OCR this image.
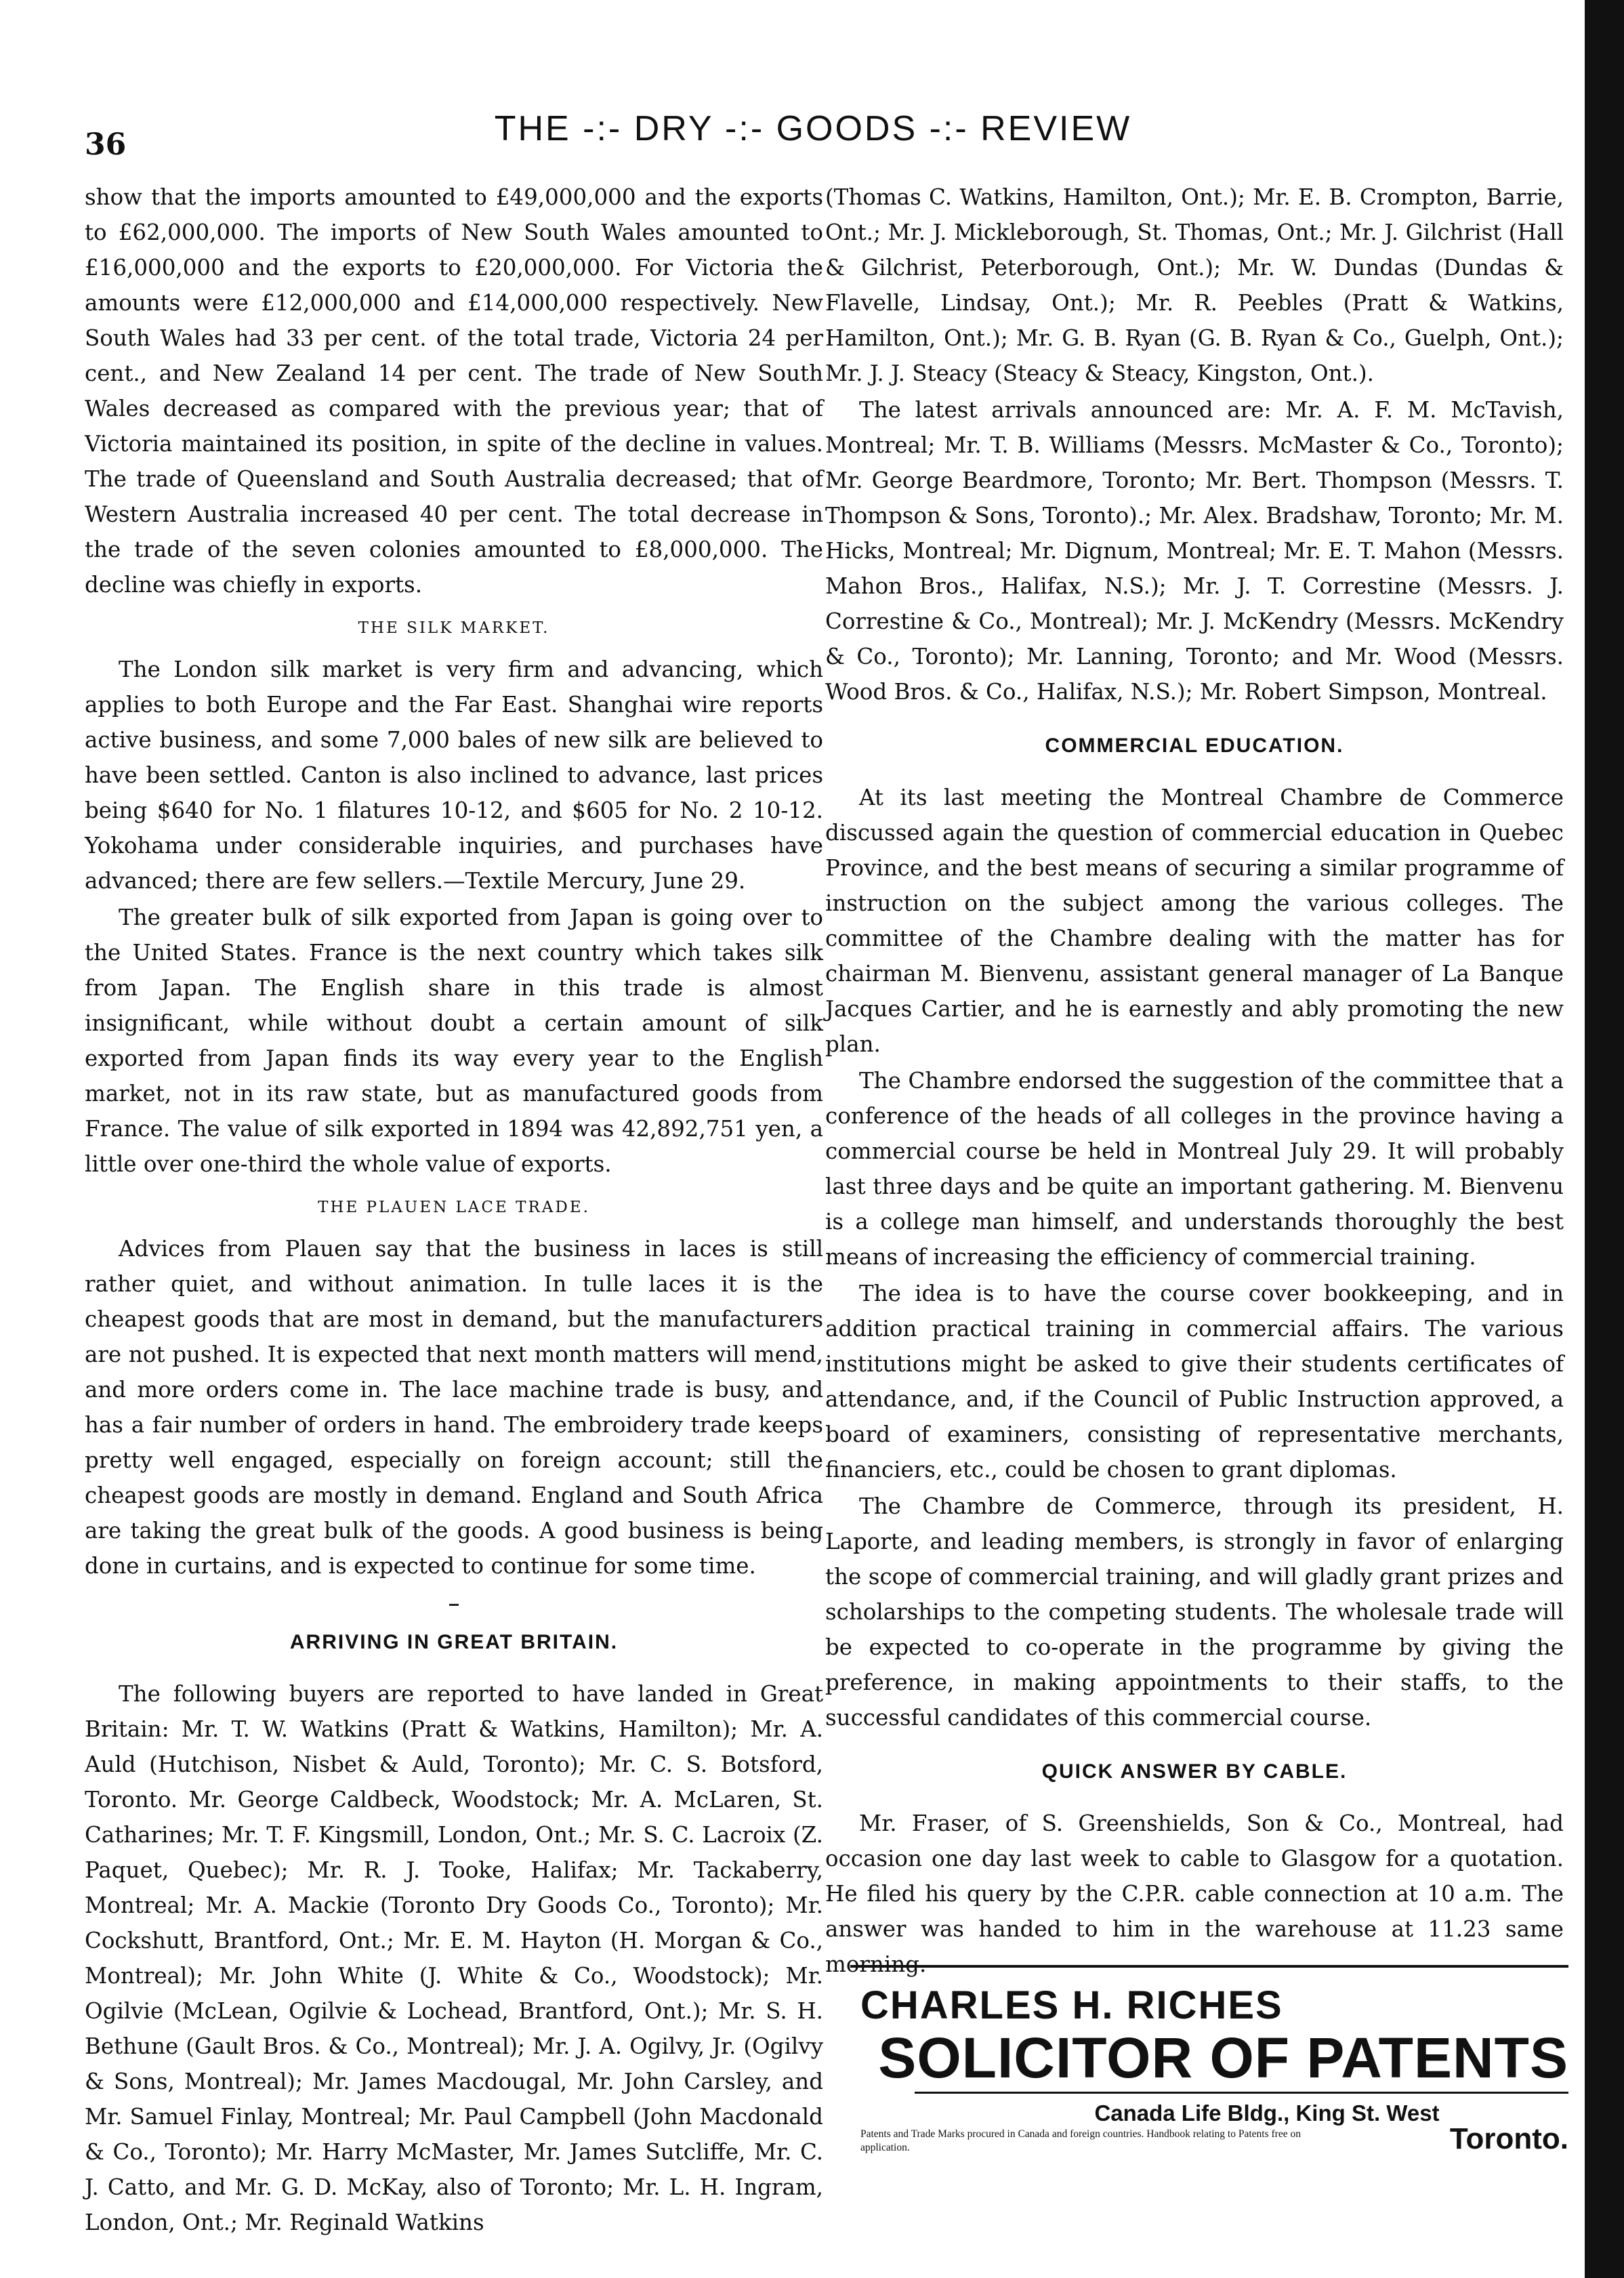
36	THE -:- DRY -:- GOODS -:- REVIEW

show that the imports amounted to £49,000,000 and the exports to £62,000,000. The imports of New South Wales amounted to £16,000,000 and the exports to £20,000,000. For Victoria the amounts were £12,000,000 and £14,000,000 respectively. New South Wales had 33 per cent. of the total trade, Victoria 24 per cent., and New Zealand 14 per cent. The trade of New South Wales decreased as compared with the previous year; that of Victoria maintained its position, in spite of the decline in values. The trade of Queensland and South Australia decreased; that of Western Australia increased 40 per cent. The total decrease in the trade of the seven colonies amounted to £8,000,000. The decline was chiefly in exports.

THE SILK MARKET.

The London silk market is very firm and advancing, which applies to both Europe and the Far East. Shanghai wire reports active business, and some 7,000 bales of new silk are believed to have been settled. Canton is also inclined to advance, last prices being $640 for No. 1 filatures 10-12, and $605 for No. 2 10-12. Yokohama under considerable inquiries, and purchases have advanced; there are few sellers.—Textile Mercury, June 29.

The greater bulk of silk exported from Japan is going over to the United States. France is the next country which takes silk from Japan. The English share in this trade is almost insignificant, while without doubt a certain amount of silk exported from Japan finds its way every year to the English market, not in its raw state, but as manufactured goods from France. The value of silk exported in 1894 was 42,892,751 yen, a little over one-third the whole value of exports.

THE PLAUEN LACE TRADE.

Advices from Plauen say that the business in laces is still rather quiet, and without animation. In tulle laces it is the cheapest goods that are most in demand, but the manufacturers are not pushed. It is expected that next month matters will mend, and more orders come in. The lace machine trade is busy, and has a fair number of orders in hand. The embroidery trade keeps pretty well engaged, especially on foreign account; still the cheapest goods are mostly in demand. England and South Africa are taking the great bulk of the goods. A good business is being done in curtains, and is expected to continue for some time.

ARRIVING IN GREAT BRITAIN.

The following buyers are reported to have landed in Great Britain: Mr. T. W. Watkins (Pratt & Watkins, Hamilton); Mr. A. Auld (Hutchison, Nisbet & Auld, Toronto); Mr. C. S. Botsford, Toronto. Mr. George Caldbeck, Woodstock; Mr. A. McLaren, St. Catharines; Mr. T. F. Kingsmill, London, Ont.; Mr. S. C. Lacroix (Z. Paquet, Quebec); Mr. R. J. Tooke, Halifax; Mr. Tackaberry, Montreal; Mr. A. Mackie (Toronto Dry Goods Co., Toronto); Mr. Cockshutt, Brantford, Ont.; Mr. E. M. Hayton (H. Morgan & Co., Montreal); Mr. John White (J. White & Co., Woodstock); Mr. Ogilvie (McLean, Ogilvie & Lochead, Brantford, Ont.); Mr. S. H. Bethune (Gault Bros. & Co., Montreal); Mr. J. A. Ogilvy, Jr. (Ogilvy & Sons, Montreal); Mr. James Macdougal, Mr. John Carsley, and Mr. Samuel Finlay, Montreal; Mr. Paul Campbell (John Macdonald & Co., Toronto); Mr. Harry McMaster, Mr. James Sutcliffe, Mr. C. J. Catto, and Mr. G. D. McKay, also of Toronto; Mr. L. H. Ingram, London, Ont.; Mr. Reginald Watkins

(Thomas C. Watkins, Hamilton, Ont.); Mr. E. B. Crompton, Barrie, Ont.; Mr. J. Mickleborough, St. Thomas, Ont.; Mr. J. Gilchrist (Hall & Gilchrist, Peterborough, Ont.); Mr. W. Dundas (Dundas & Flavelle, Lindsay, Ont.); Mr. R. Peebles (Pratt & Watkins, Hamilton, Ont.); Mr. G. B. Ryan (G. B. Ryan & Co., Guelph, Ont.); Mr. J. J. Steacy (Steacy & Steacy, Kingston, Ont.).

The latest arrivals announced are: Mr. A. F. M. McTavish, Montreal; Mr. T. B. Williams (Messrs. McMaster & Co., Toronto); Mr. George Beardmore, Toronto; Mr. Bert. Thompson (Messrs. T. Thompson & Sons, Toronto).; Mr. Alex. Bradshaw, Toronto; Mr. M. Hicks, Montreal; Mr. Dignum, Montreal; Mr. E. T. Mahon (Messrs. Mahon Bros., Halifax, N.S.); Mr. J. T. Correstine (Messrs. J. Correstine & Co., Montreal); Mr. J. McKendry (Messrs. McKendry & Co., Toronto); Mr. Lanning, Toronto; and Mr. Wood (Messrs. Wood Bros. & Co., Halifax, N.S.); Mr. Robert Simpson, Montreal.

COMMERCIAL EDUCATION.

At its last meeting the Montreal Chambre de Commerce discussed again the question of commercial education in Quebec Province, and the best means of securing a similar programme of instruction on the subject among the various colleges. The committee of the Chambre dealing with the matter has for chairman M. Bienvenu, assistant general manager of La Banque Jacques Cartier, and he is earnestly and ably promoting the new plan.

The Chambre endorsed the suggestion of the committee that a conference of the heads of all colleges in the province having a commercial course be held in Montreal July 29. It will probably last three days and be quite an important gathering. M. Bienvenu is a college man himself, and understands thoroughly the best means of increasing the efficiency of commercial training.

The idea is to have the course cover bookkeeping, and in addition practical training in commercial affairs. The various institutions might be asked to give their students certificates of attendance, and, if the Council of Public Instruction approved, a board of examiners, consisting of representative merchants, financiers, etc., could be chosen to grant diplomas.

The Chambre de Commerce, through its president, H. Laporte, and leading members, is strongly in favor of enlarging the scope of commercial training, and will gladly grant prizes and scholarships to the competing students. The wholesale trade will be expected to co-operate in the programme by giving the preference, in making appointments to their staffs, to the successful candidates of this commercial course.

QUICK ANSWER BY CABLE.

Mr. Fraser, of S. Greenshields, Son & Co., Montreal, had occasion one day last week to cable to Glasgow for a quotation. He filed his query by the C.P.R. cable connection at 10 a.m. The answer was handed to him in the warehouse at 11.23 same morning.

CHARLES H. RICHES
SOLICITOR OF PATENTS
Canada Life Bldg., King St. West
Patents and Trade Marks procured in Canada and foreign countries. Handbook relating to Patents free on application.	Toronto.
